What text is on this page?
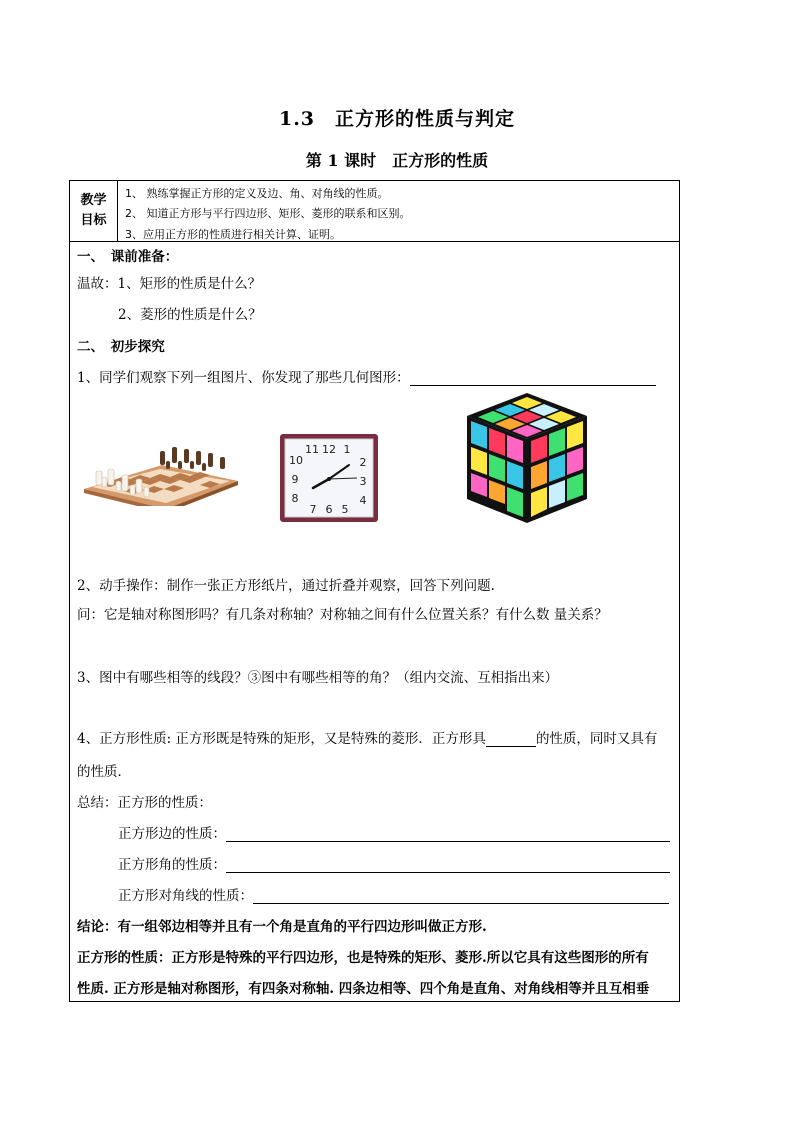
1.3　正方形的性质与判定
第 1 课时　正方形的性质
教学目标
1、 熟练掌握正方形的定义及边、角、对角线的性质。
2、 知道正方形与平行四边形、矩形、菱形的联系和区别。
3、应用正方形的性质进行相关计算、证明。
一、　课前准备：
温故：1、矩形的性质是什么？
2、菱形的性质是什么？
二、　初步探究
1、同学们观察下列一组图片、你发现了那些几何图形：
12 1
2
3
4
5
6
7
8
9
10
11
2、动手操作：制作一张正方形纸片，通过折叠并观察，回答下列问题.
问：它是轴对称图形吗？有几条对称轴？对称轴之间有什么位置关系？有什么数 量关系？
3、图中有哪些相等的线段？③图中有哪些相等的角？（组内交流、互相指出来）
4、正方形性质: 正方形既是特殊的矩形，又是特殊的菱形．正方形具	的性质，同时又具有
的性质．
总结：正方形的性质：
正方形边的性质：
正方形角的性质：
正方形对角线的性质：
结论：有一组邻边相等并且有一个角是直角的平行四边形叫做正方形.
正方形的性质：正方形是特殊的平行四边形，也是特殊的矩形、菱形.所以它具有这些图形的所有
性质. 正方形是轴对称图形，有四条对称轴. 四条边相等、四个角是直角、对角线相等并且互相垂
